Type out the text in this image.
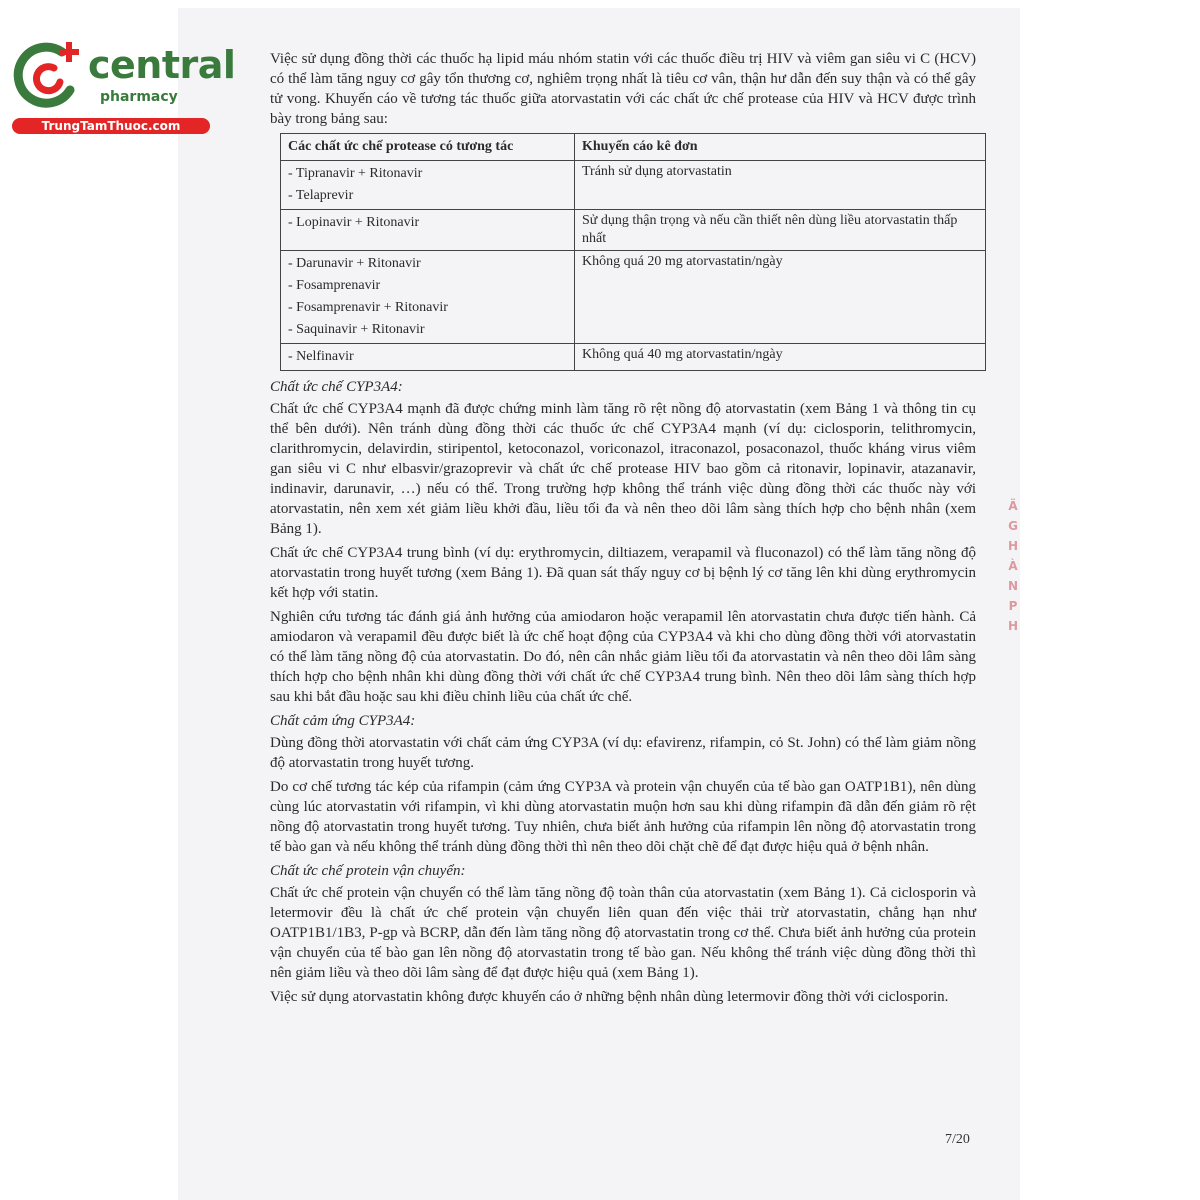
central
pharmacy
TrungTamThuoc.com

Việc sử dụng đồng thời các thuốc hạ lipid máu nhóm statin với các thuốc điều trị HIV và viêm gan siêu vi C (HCV) có thể làm tăng nguy cơ gây tổn thương cơ, nghiêm trọng nhất là tiêu cơ vân, thận hư dẫn đến suy thận và có thể gây tử vong. Khuyến cáo về tương tác thuốc giữa atorvastatin với các chất ức chế protease của HIV và HCV được trình bày trong bảng sau:

Các chất ức chế protease có tương tác	Khuyến cáo kê đơn

- Tipranavir + Ritonavir
- Telaprevir	Tránh sử dụng atorvastatin

- Lopinavir + Ritonavir	Sử dụng thận trọng và nếu cần thiết nên dùng liều atorvastatin thấp nhất

- Darunavir + Ritonavir
- Fosamprenavir
- Fosamprenavir + Ritonavir
- Saquinavir + Ritonavir	Không quá 20 mg atorvastatin/ngày

- Nelfinavir	Không quá 40 mg atorvastatin/ngày

Chất ức chế CYP3A4:

Chất ức chế CYP3A4 mạnh đã được chứng minh làm tăng rõ rệt nồng độ atorvastatin (xem Bảng 1 và thông tin cụ thể bên dưới). Nên tránh dùng đồng thời các thuốc ức chế CYP3A4 mạnh (ví dụ: ciclosporin, telithromycin, clarithromycin, delavirdin, stiripentol, ketoconazol, voriconazol, itraconazol, posaconazol, thuốc kháng virus viêm gan siêu vi C như elbasvir/grazoprevir và chất ức chế protease HIV bao gồm cả ritonavir, lopinavir, atazanavir, indinavir, darunavir, …) nếu có thể. Trong trường hợp không thể tránh việc dùng đồng thời các thuốc này với atorvastatin, nên xem xét giảm liều khởi đầu, liều tối đa và nên theo dõi lâm sàng thích hợp cho bệnh nhân (xem Bảng 1).

Chất ức chế CYP3A4 trung bình (ví dụ: erythromycin, diltiazem, verapamil và fluconazol) có thể làm tăng nồng độ atorvastatin trong huyết tương (xem Bảng 1). Đã quan sát thấy nguy cơ bị bệnh lý cơ tăng lên khi dùng erythromycin kết hợp với statin.

Nghiên cứu tương tác đánh giá ảnh hưởng của amiodaron hoặc verapamil lên atorvastatin chưa được tiến hành. Cả amiodaron và verapamil đều được biết là ức chế hoạt động của CYP3A4 và khi cho dùng đồng thời với atorvastatin có thể làm tăng nồng độ của atorvastatin. Do đó, nên cân nhắc giảm liều tối đa atorvastatin và nên theo dõi lâm sàng thích hợp cho bệnh nhân khi dùng đồng thời với chất ức chế CYP3A4 trung bình. Nên theo dõi lâm sàng thích hợp sau khi bắt đầu hoặc sau khi điều chỉnh liều của chất ức chế.

Chất cảm ứng CYP3A4:

Dùng đồng thời atorvastatin với chất cảm ứng CYP3A (ví dụ: efavirenz, rifampin, cỏ St. John) có thể làm giảm nồng độ atorvastatin trong huyết tương.

Do cơ chế tương tác kép của rifampin (cảm ứng CYP3A và protein vận chuyển của tế bào gan OATP1B1), nên dùng cùng lúc atorvastatin với rifampin, vì khi dùng atorvastatin muộn hơn sau khi dùng rifampin đã dẫn đến giảm rõ rệt nồng độ atorvastatin trong huyết tương. Tuy nhiên, chưa biết ảnh hưởng của rifampin lên nồng độ atorvastatin trong tế bào gan và nếu không thể tránh dùng đồng thời thì nên theo dõi chặt chẽ để đạt được hiệu quả ở bệnh nhân.

Chất ức chế protein vận chuyển:

Chất ức chế protein vận chuyển có thể làm tăng nồng độ toàn thân của atorvastatin (xem Bảng 1). Cả ciclosporin và letermovir đều là chất ức chế protein vận chuyển liên quan đến việc thải trừ atorvastatin, chẳng hạn như OATP1B1/1B3, P-gp và BCRP, dẫn đến làm tăng nồng độ atorvastatin trong cơ thể. Chưa biết ảnh hưởng của protein vận chuyển của tế bào gan lên nồng độ atorvastatin trong tế bào gan. Nếu không thể tránh việc dùng đồng thời thì nên giảm liều và theo dõi lâm sàng để đạt được hiệu quả (xem Bảng 1).

Việc sử dụng atorvastatin không được khuyến cáo ở những bệnh nhân dùng letermovir đồng thời với ciclosporin.

Ä
G
H
À
N P
H
7/20
